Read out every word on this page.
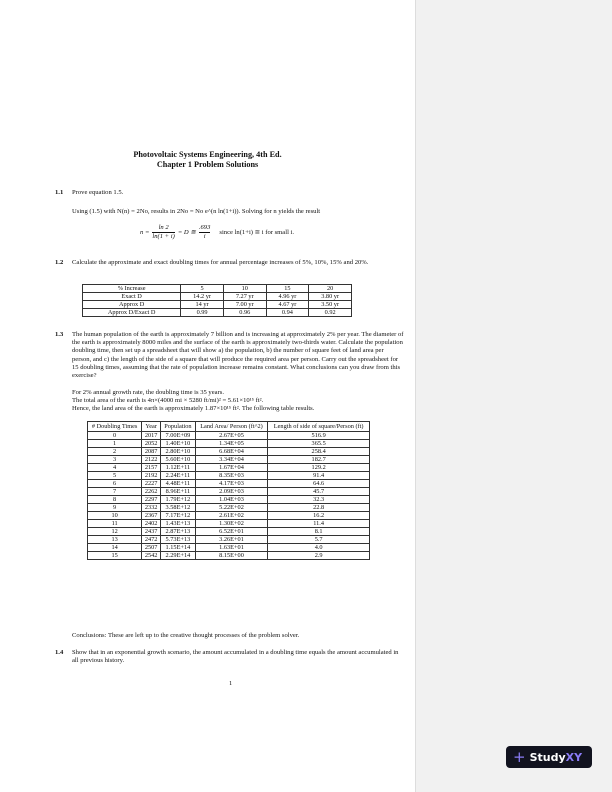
Photovoltaic Systems Engineering, 4th Ed.
Chapter 1 Problem Solutions
1.1 Prove equation 1.5.
Using (1.5) with N(n) = 2No, results in 2No = No e^(n ln(1+i)). Solving for n yields the result
$n = \frac{\ln 2}{\ln(1 + i)} = D$ ≅ $\frac{.693}{i}$ since ln(1+i) ≅ i for small i.
1.2 Calculate the approximate and exact doubling times for annual percentage increases of 5%, 10%, 15% and 20%.
% Increase	5	10	15	20
Exact D	14.2 yr	7.27 yr	4.96 yr	3.80 yr
Approx D	14 yr	7.00 yr	4.67 yr	3.50 yr
Approx D/Exact D	0.99	0.96	0.94	0.92
1.3 The human population of the earth is approximately 7 billion and is increasing at approximately 2% per year. The diameter of the earth is approximately 8000 miles and the surface of the earth is approximately two-thirds water. Calculate the population doubling time, then set up a spreadsheet that will show a) the population, b) the number of square feet of land area per person, and c) the length of the side of a square that will produce the required area per person. Carry out the spreadsheet for 15 doubling times, assuming that the rate of population increase remains constant. What conclusions can you draw from this exercise?
For 2% annual growth rate, the doubling time is 35 years.
The total area of the earth is 4π×(4000 mi × 5280 ft/mi)² = 5.61×10¹⁵ ft².
Hence, the land area of the earth is approximately 1.87×10¹⁵ ft². The following table results.
# Doubling Times	Year	Population	Land Area/ Person (ft^2)	Length of side of square/Person (ft)
0	2017	7.00E+09	2.67E+05	516.9
1	2052	1.40E+10	1.34E+05	365.5
2	2087	2.80E+10	6.68E+04	258.4
3	2122	5.60E+10	3.34E+04	182.7
4	2157	1.12E+11	1.67E+04	129.2
5	2192	2.24E+11	8.35E+03	91.4
6	2227	4.48E+11	4.17E+03	64.6
7	2262	8.96E+11	2.09E+03	45.7
8	2297	1.79E+12	1.04E+03	32.3
9	2332	3.58E+12	5.22E+02	22.8
10	2367	7.17E+12	2.61E+02	16.2
11	2402	1.43E+13	1.30E+02	11.4
12	2437	2.87E+13	6.52E+01	8.1
13	2472	5.73E+13	3.26E+01	5.7
14	2507	1.15E+14	1.63E+01	4.0
15	2542	2.29E+14	8.15E+00	2.9
Conclusions: These are left up to the creative thought processes of the problem solver.
1.4 Show that in an exponential growth scenario, the amount accumulated in a doubling time equals the amount accumulated in all previous history.
1
+ StudyXY
